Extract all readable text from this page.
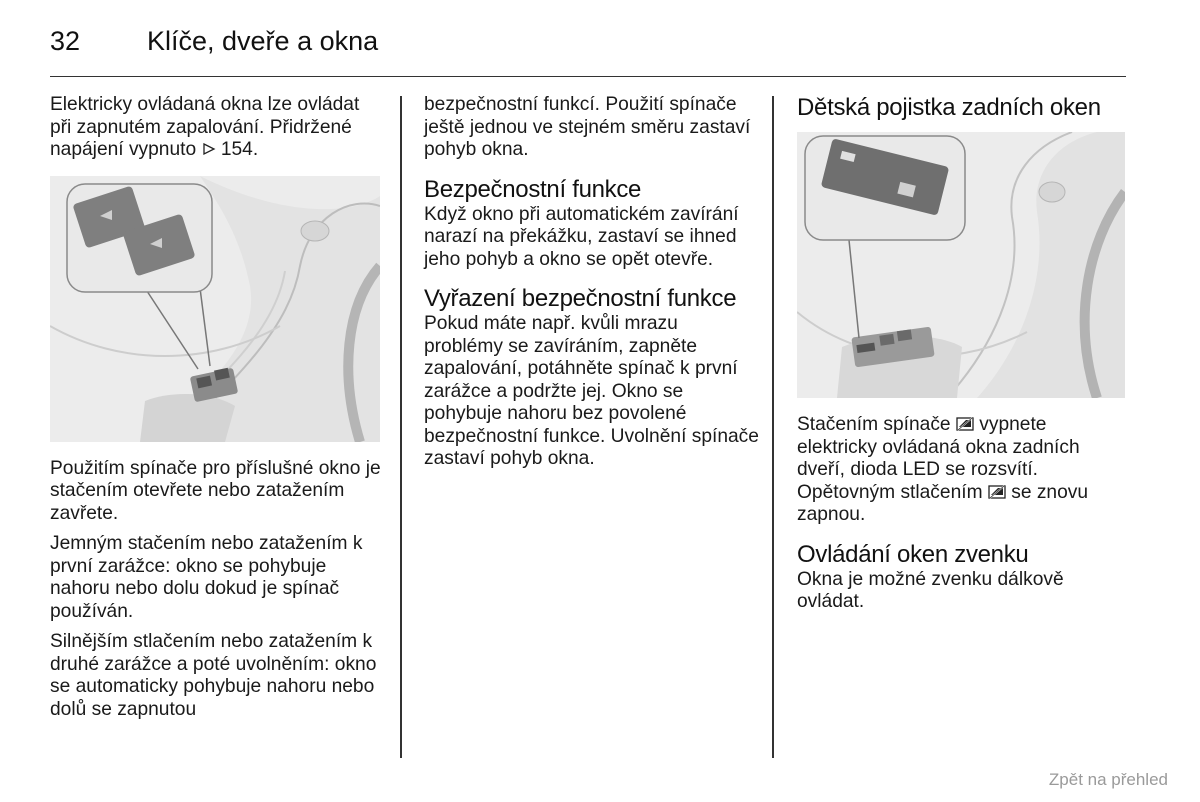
32 Klíče, dveře a okna

Elektricky ovládaná okna lze ovládat při zapnutém zapalování. Přidržené napájení vypnuto  154.

Použitím spínače pro příslušné okno je stačením otevřete nebo zatažením zavřete.

Jemným stačením nebo zatažením k první zarážce: okno se pohybuje nahoru nebo dolu dokud je spínač používán.

Silnějším stlačením nebo zatažením k druhé zarážce a poté uvolněním: okno se automaticky pohybuje nahoru nebo dolů se zapnutou

bezpečnostní funkcí. Použití spínače ještě jednou ve stejném směru zastaví pohyb okna.

Bezpečnostní funkce

Když okno při automatickém zavírání narazí na překážku, zastaví se ihned jeho pohyb a okno se opět otevře.

Vyřazení bezpečnostní funkce

Pokud máte např. kvůli mrazu problémy se zavíráním, zapněte zapalování, potáhněte spínač k první zarážce a podržte jej. Okno se pohybuje nahoru bez povolené bezpečnostní funkce. Uvolnění spínače zastaví pohyb okna.

Dětská pojistka zadních oken

Stačením spínače  vypnete elektricky ovládaná okna zadních dveří, dioda LED se rozsvítí. Opětovným stlačením  se znovu zapnou.

Ovládání oken zvenku

Okna je možné zvenku dálkově ovládat.

Zpět na přehled
